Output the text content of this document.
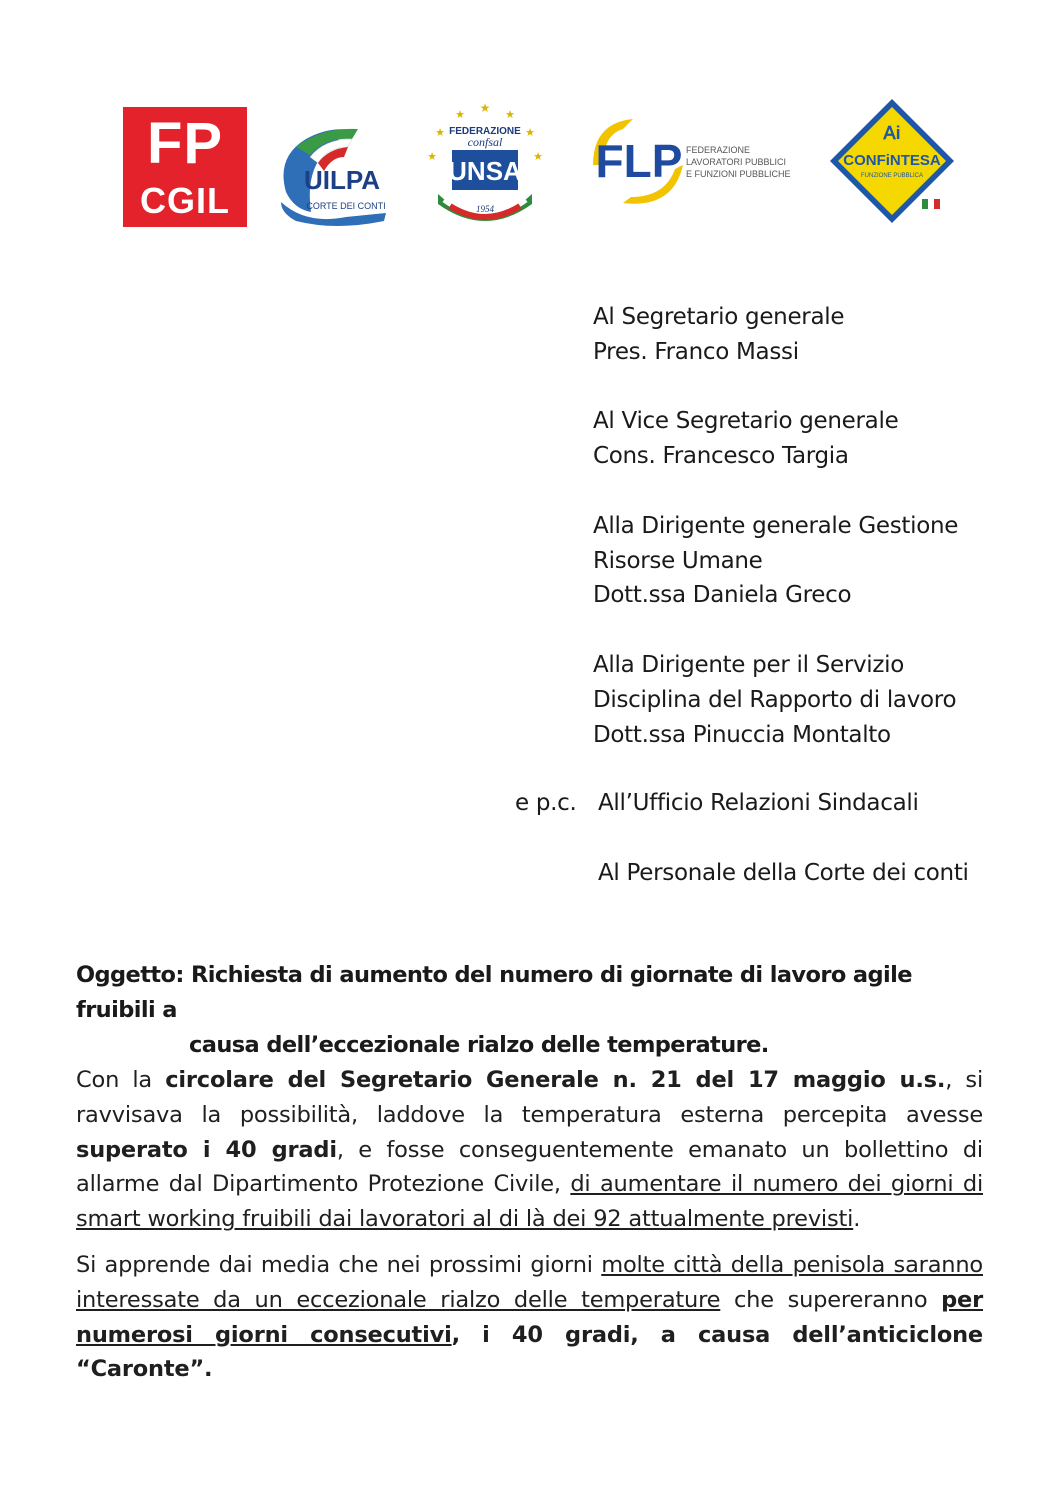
FP
CGIL	UILPA
CORTE DEI CONTI
★
★	★
★	★
★	★
FEDERAZIONE
confsal
UNSA
1954
FLP FEDERAZIONE
LAVORATORI PUBBLICI
E FUNZIONI PUBBLICHE
ꓮi
CONFiNTESA
FUNZIONE PUBBLICA
Al Segretario generale
Pres. Franco Massi
Al Vice Segretario generale
Cons. Francesco Targia
Alla Dirigente generale Gestione
Risorse Umane
Dott.ssa Daniela Greco
Alla Dirigente per il Servizio
Disciplina del Rapporto di lavoro
Dott.ssa Pinuccia Montalto
e p.c. All’Ufficio Relazioni Sindacali
Al Personale della Corte dei conti
Oggetto: Richiesta di aumento del numero di giornate di lavoro agile fruibili a
causa dell’eccezionale rialzo delle temperature.

Con la circolare del Segretario Generale n. 21 del 17 maggio u.s., si ravvisava la possibilità, laddove la temperatura esterna percepita avesse superato i 40 gradi, e fosse conseguentemente emanato un bollettino di allarme dal Dipartimento Protezione Civile, di aumentare il numero dei giorni di smart working fruibili dai lavoratori al di là dei 92 attualmente previsti.

Si apprende dai media che nei prossimi giorni molte città della penisola saranno interessate da un eccezionale rialzo delle temperature che supereranno per numerosi giorni consecutivi, i 40 gradi, a causa dell’anticiclone “Caronte”.
